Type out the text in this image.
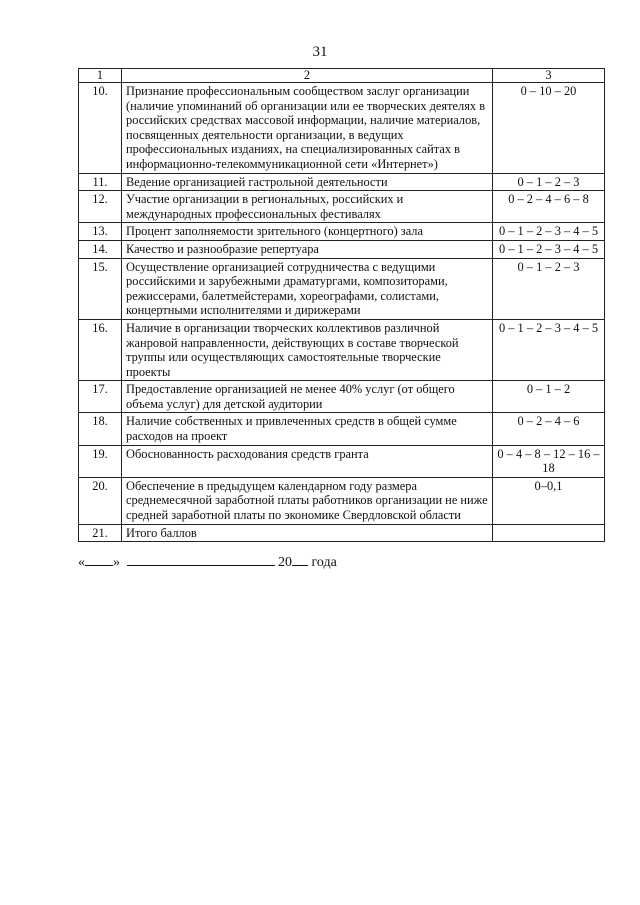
31
1	2	3
10.	Признание профессиональным сообществом заслуг организации (наличие упоминаний об организации или ее творческих деятелях в российских средствах массовой информации, наличие материалов, посвященных деятельности организации, в ведущих профессиональных изданиях, на специализированных сайтах в информационно-телекоммуникационной сети «Интернет»)	0 – 10 – 20
11.	Ведение организацией гастрольной деятельности	0 – 1 – 2 – 3
12.	Участие организации в региональных, российских и международных профессиональных фестивалях	0 – 2 – 4 – 6 – 8
13.	Процент заполняемости зрительного (концертного) зала	0 – 1 – 2 – 3 – 4 – 5
14.	Качество и разнообразие репертуара	0 – 1 – 2 – 3 – 4 – 5
15.	Осуществление организацией сотрудничества с ведущими российскими и зарубежными драматургами, композиторами, режиссерами, балетмейстерами, хореографами, солистами, концертными исполнителями и дирижерами	0 – 1 – 2 – 3
16.	Наличие в организации творческих коллективов различной жанровой направленности, действующих в составе творческой труппы или осуществляющих самостоятельные творческие проекты	0 – 1 – 2 – 3 – 4 – 5
17.	Предоставление организацией не менее 40% услуг (от общего объема услуг) для детской аудитории	0 – 1 – 2
18.	Наличие собственных и привлеченных средств в общей сумме расходов на проект	0 – 2 – 4 – 6
19.	Обоснованность расходования средств гранта	0 – 4 – 8 – 12 – 16 – 18
20.	Обеспечение в предыдущем календарном году размера среднемесячной заработной платы работников организации не ниже средней заработной платы по экономике Свердловской области	0–0,1
21.	Итого баллов	
« »	20 года
